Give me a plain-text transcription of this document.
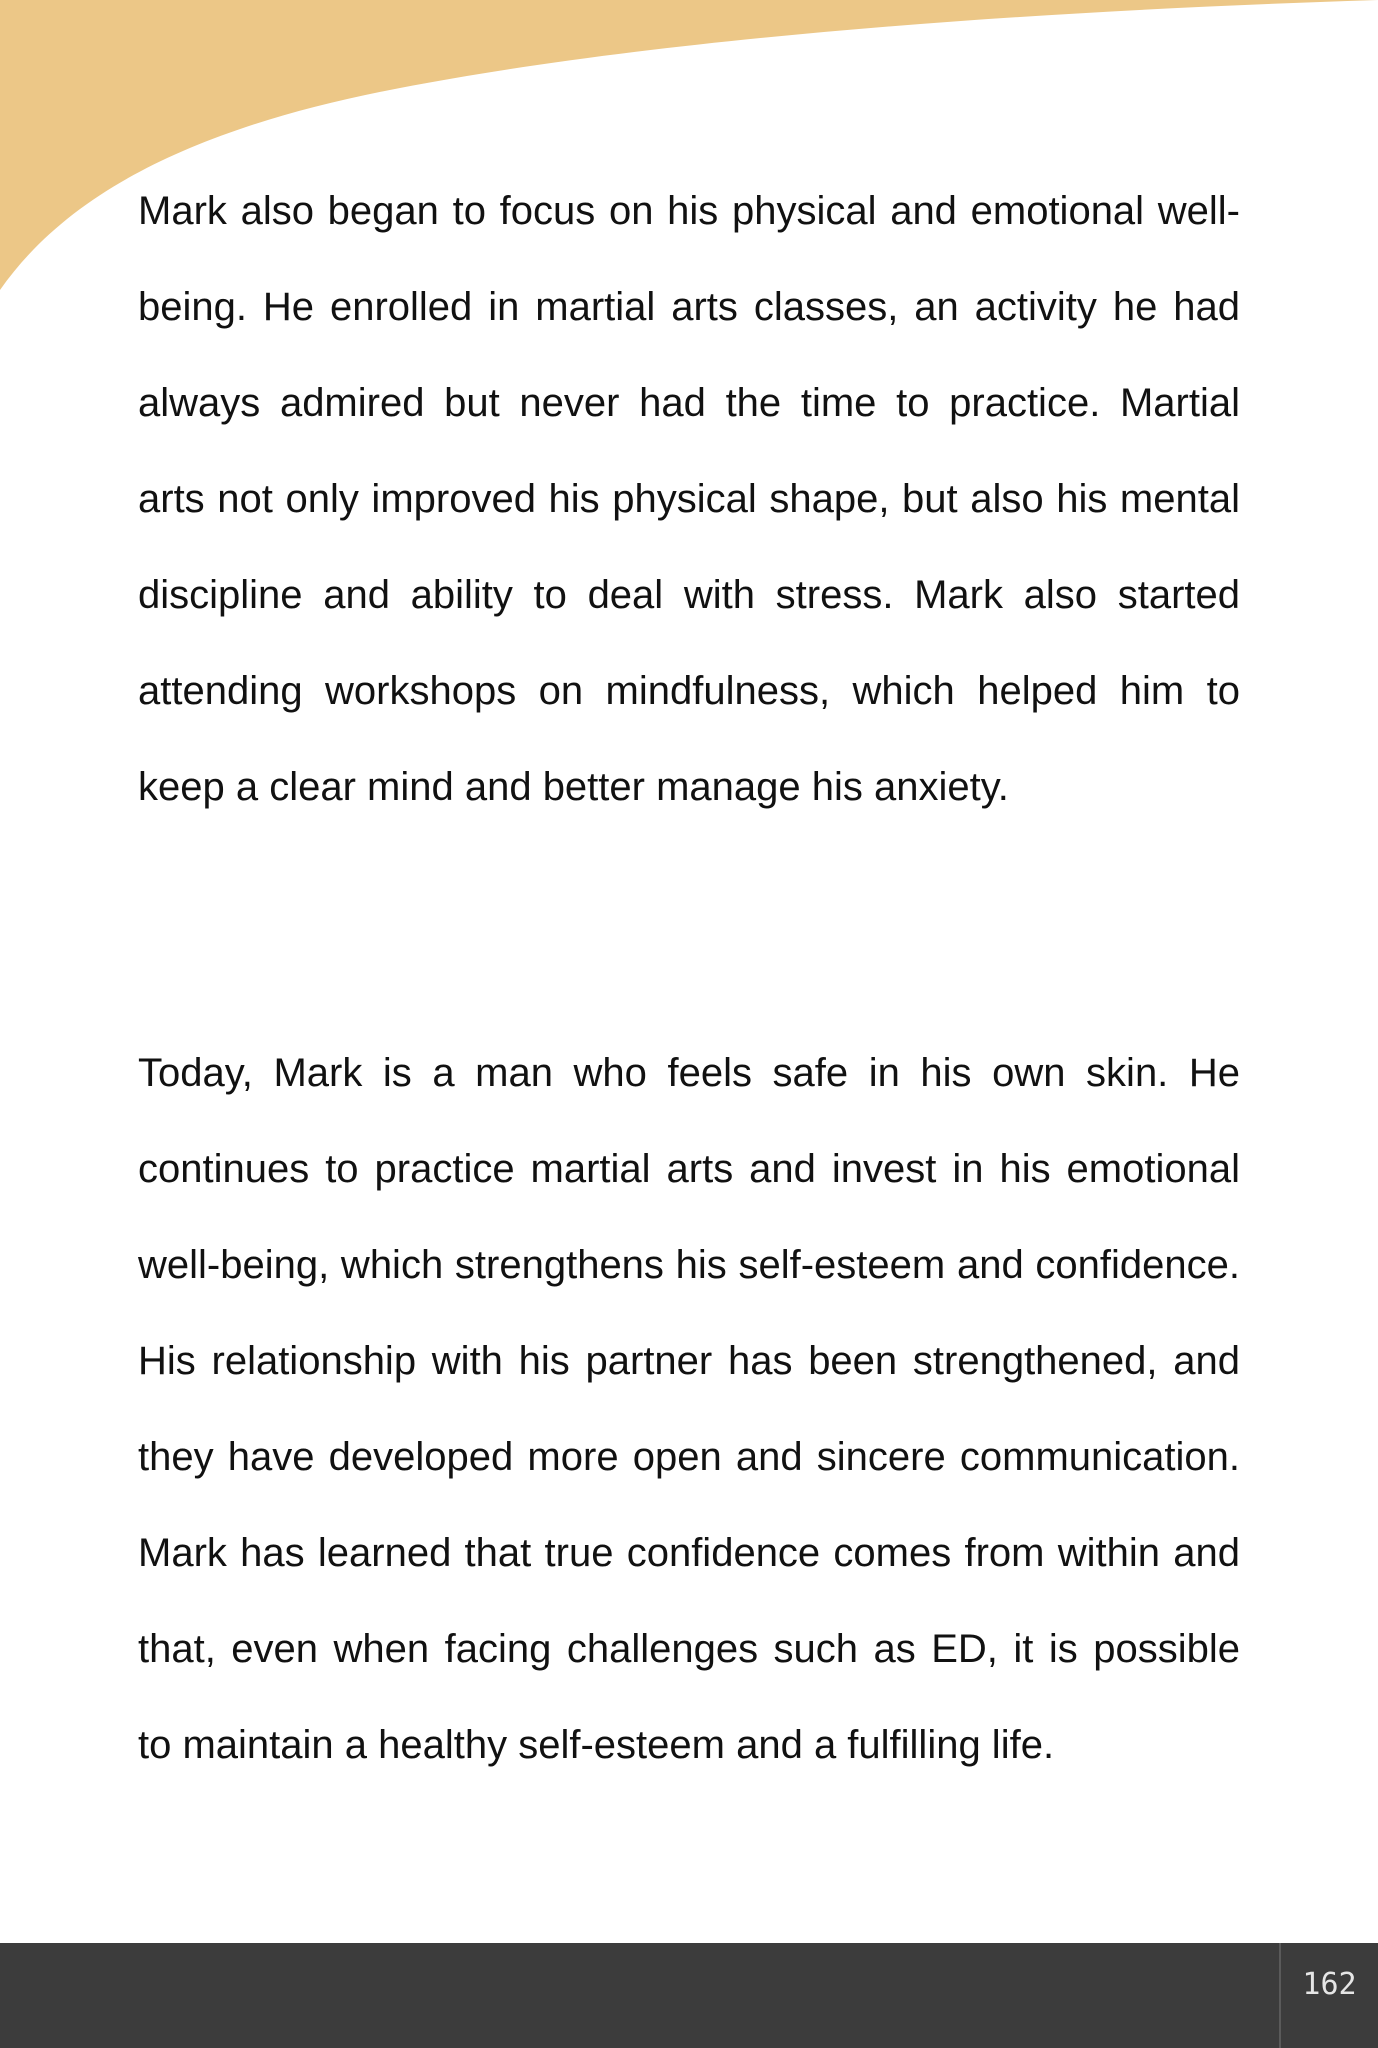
Mark also began to focus on his physical and emotional well-being. He enrolled in martial arts classes, an activity he had always admired but never had the time to practice. Martial arts not only improved his physical shape, but also his mental discipline and ability to deal with stress. Mark also started attending workshops on mindfulness, which helped him to keep a clear mind and better manage his anxiety.

Today, Mark is a man who feels safe in his own skin. He continues to practice martial arts and invest in his emotional well-being, which strengthens his self-esteem and confidence. His relationship with his partner has been strengthened, and they have developed more open and sincere communication. Mark has learned that true confidence comes from within and that, even when facing challenges such as ED, it is possible to maintain a healthy self-esteem and a fulfilling life.

162
